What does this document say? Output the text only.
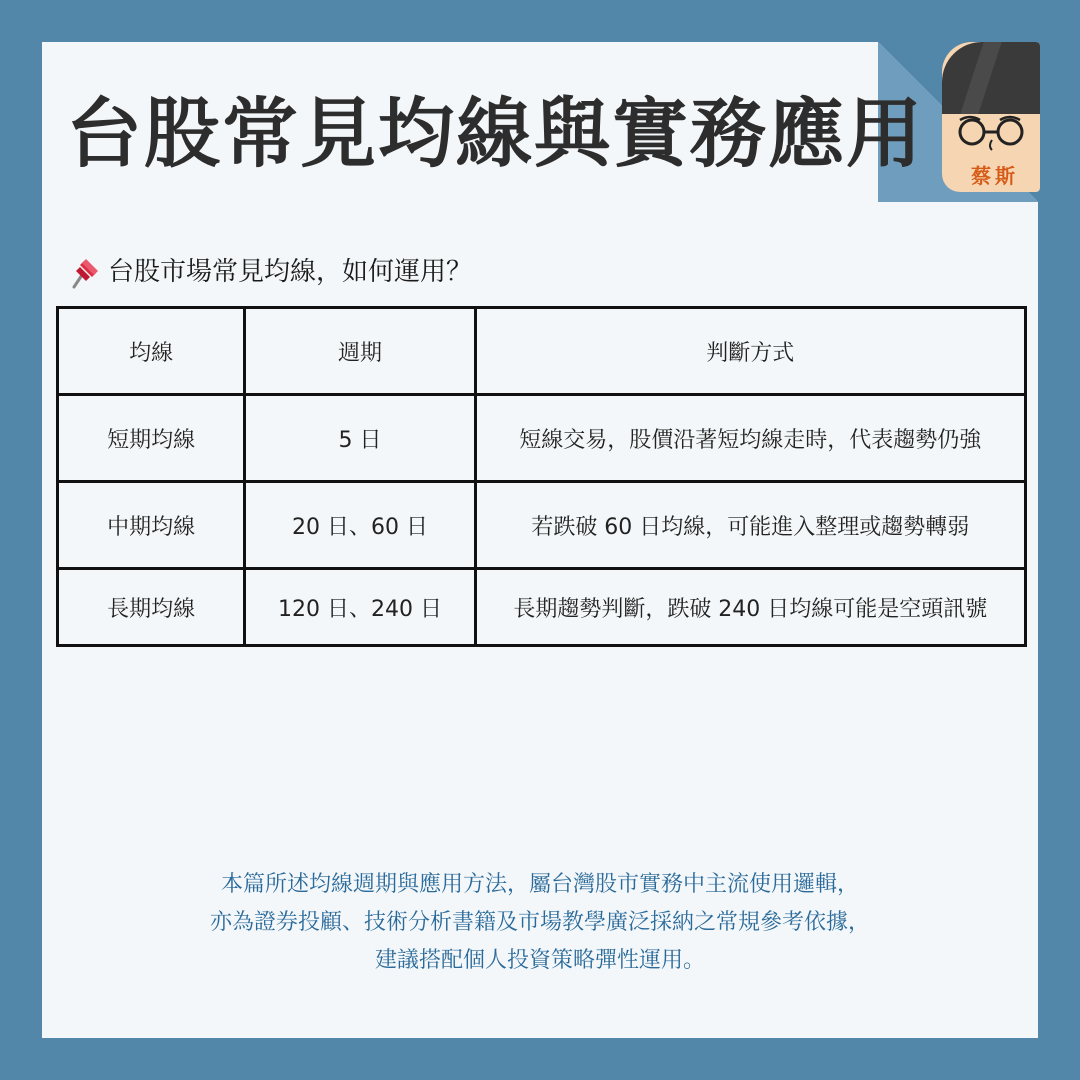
台股常見均線與實務應用	蔡斯
台股市場常見均線，如何運用？
均線	週期	判斷方式
短期均線	5 日	短線交易，股價沿著短均線走時，代表趨勢仍強
中期均線	20 日、60 日	若跌破 60 日均線，可能進入整理或趨勢轉弱
長期均線	120 日、240 日	長期趨勢判斷，跌破 240 日均線可能是空頭訊號
本篇所述均線週期與應用方法，屬台灣股市實務中主流使用邏輯，
亦為證券投顧、技術分析書籍及市場教學廣泛採納之常規參考依據，
建議搭配個人投資策略彈性運用。
